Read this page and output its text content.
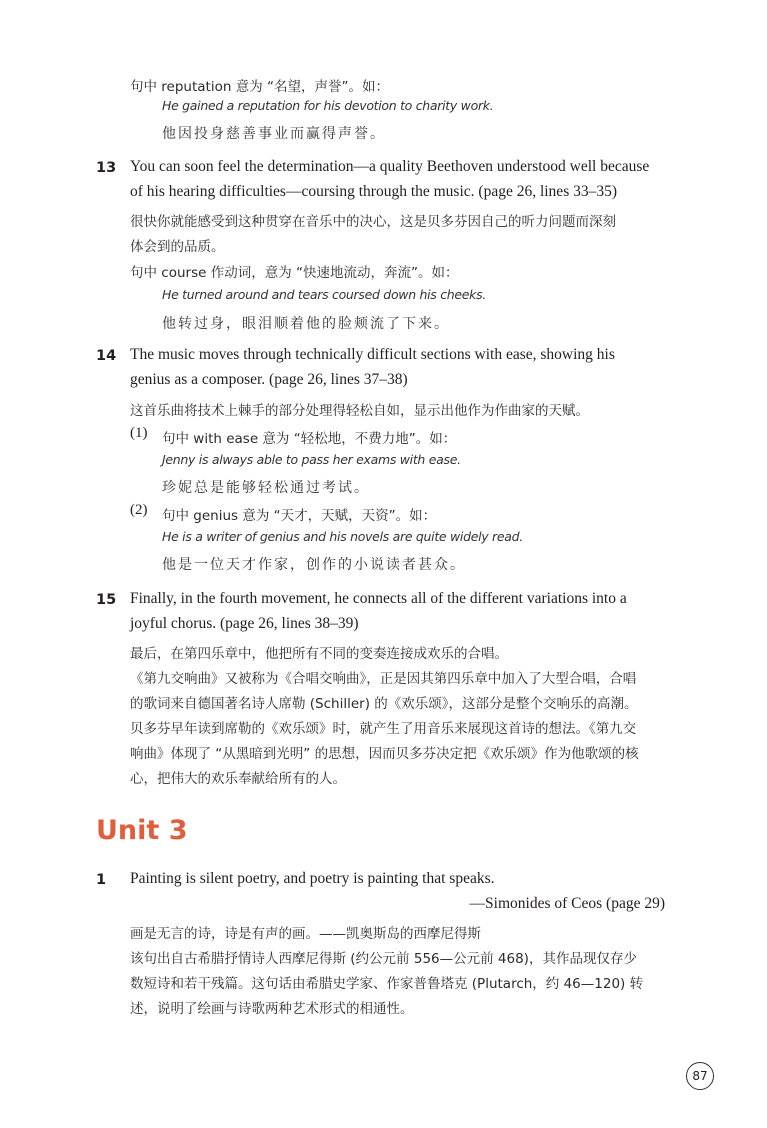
句中 reputation 意为 “名望，声誉”。如：
He gained a reputation for his devotion to charity work.
他因投身慈善事业而赢得声誉。
13 You can soon feel the determination—a quality Beethoven understood well because
of his hearing difficulties—coursing through the music. (page 26, lines 33–35)
很快你就能感受到这种贯穿在音乐中的决心，这是贝多芬因自己的听力问题而深刻
体会到的品质。
句中 course 作动词，意为 “快速地流动，奔流”。如：
He turned around and tears coursed down his cheeks.
他转过身，眼泪顺着他的脸颊流了下来。
14 The music moves through technically difficult sections with ease, showing his
genius as a composer. (page 26, lines 37–38)
这首乐曲将技术上棘手的部分处理得轻松自如，显示出他作为作曲家的天赋。
(1) 句中 with ease 意为 “轻松地，不费力地”。如：
Jenny is always able to pass her exams with ease.
珍妮总是能够轻松通过考试。
(2) 句中 genius 意为 “天才，天赋，天资”。如：
He is a writer of genius and his novels are quite widely read.
他是一位天才作家，创作的小说读者甚众。
15 Finally, in the fourth movement, he connects all of the different variations into a
joyful chorus. (page 26, lines 38–39)
最后，在第四乐章中，他把所有不同的变奏连接成欢乐的合唱。
《第九交响曲》又被称为《合唱交响曲》，正是因其第四乐章中加入了大型合唱，合唱
的歌词来自德国著名诗人席勒 (Schiller) 的《欢乐颂》，这部分是整个交响乐的高潮。
贝多芬早年读到席勒的《欢乐颂》时，就产生了用音乐来展现这首诗的想法。《第九交
响曲》体现了 “从黑暗到光明” 的思想，因而贝多芬决定把《欢乐颂》作为他歌颂的核
心，把伟大的欢乐奉献给所有的人。
Unit 3
1 Painting is silent poetry, and poetry is painting that speaks.
—Simonides of Ceos (page 29)
画是无言的诗，诗是有声的画。——凯奥斯岛的西摩尼得斯
该句出自古希腊抒情诗人西摩尼得斯 (约公元前 556—公元前 468)，其作品现仅存少
数短诗和若干残篇。这句话由希腊史学家、作家普鲁塔克 (Plutarch，约 46—120) 转
述，说明了绘画与诗歌两种艺术形式的相通性。
87
